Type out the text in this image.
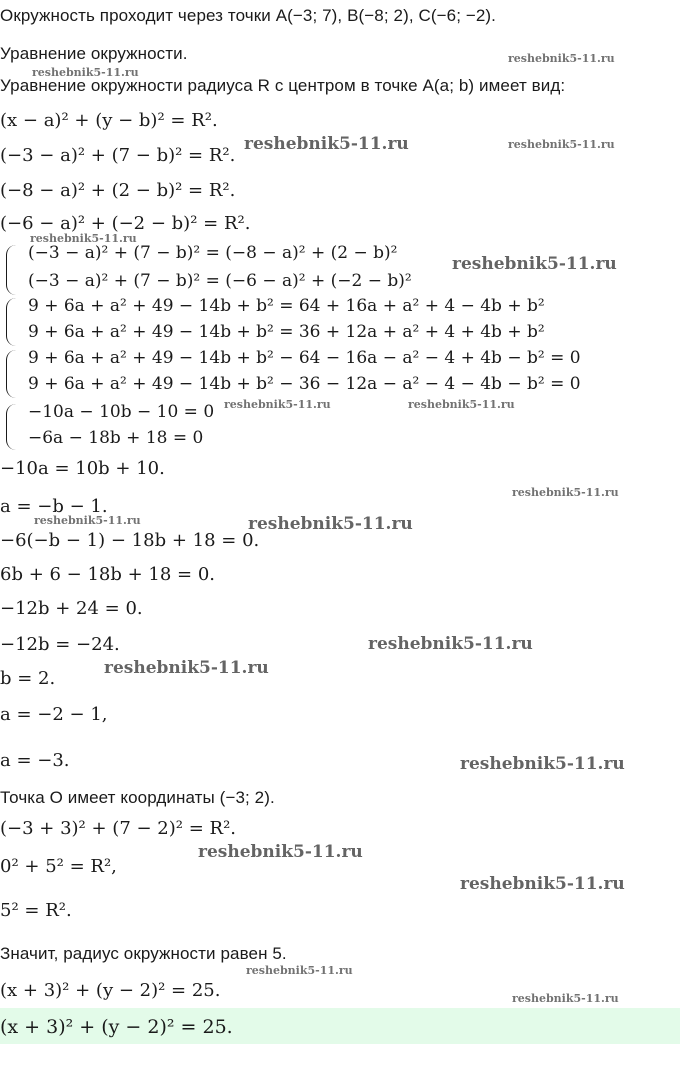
Окружность проходит через точки A(−3; 7), B(−8; 2), C(−6; −2).
Уравнение окружности.
Уравнение окружности радиуса R с центром в точке A(a; b) имеет вид:
(x − a)² + (y − b)² = R².
(−3 − a)² + (7 − b)² = R².
(−8 − a)² + (2 − b)² = R².
(−6 − a)² + (−2 − b)² = R².
(−3 − a)² + (7 − b)² = (−8 − a)² + (2 − b)²
(−3 − a)² + (7 − b)² = (−6 − a)² + (−2 − b)²
9 + 6a + a² + 49 − 14b + b² = 64 + 16a + a² + 4 − 4b + b²
9 + 6a + a² + 49 − 14b + b² = 36 + 12a + a² + 4 + 4b + b²
9 + 6a + a² + 49 − 14b + b² − 64 − 16a − a² − 4 + 4b − b² = 0
9 + 6a + a² + 49 − 14b + b² − 36 − 12a − a² − 4 − 4b − b² = 0
−10a − 10b − 10 = 0
−6a − 18b + 18 = 0
−10a = 10b + 10.
a = −b − 1.
−6(−b − 1) − 18b + 18 = 0.
6b + 6 − 18b + 18 = 0.
−12b + 24 = 0.
−12b = −24.
b = 2.
a = −2 − 1,
a = −3.
Точка O имеет координаты (−3; 2).
(−3 + 3)² + (7 − 2)² = R².
0² + 5² = R²,
5² = R².
Значит, радиус окружности равен 5.
(x + 3)² + (y − 2)² = 25.
(x + 3)² + (y − 2)² = 25.
reshebnik5-11.ru
reshebnik5-11.ru
reshebnik5-11.ru	reshebnik5-11.ru
reshebnik5-11.ru
reshebnik5-11.ru
reshebnik5-11.ru	reshebnik5-11.ru
reshebnik5-11.ru
reshebnik5-11.ru	reshebnik5-11.ru
reshebnik5-11.ru
reshebnik5-11.ru
reshebnik5-11.ru
reshebnik5-11.ru
reshebnik5-11.ru
reshebnik5-11.ru
reshebnik5-11.ru
